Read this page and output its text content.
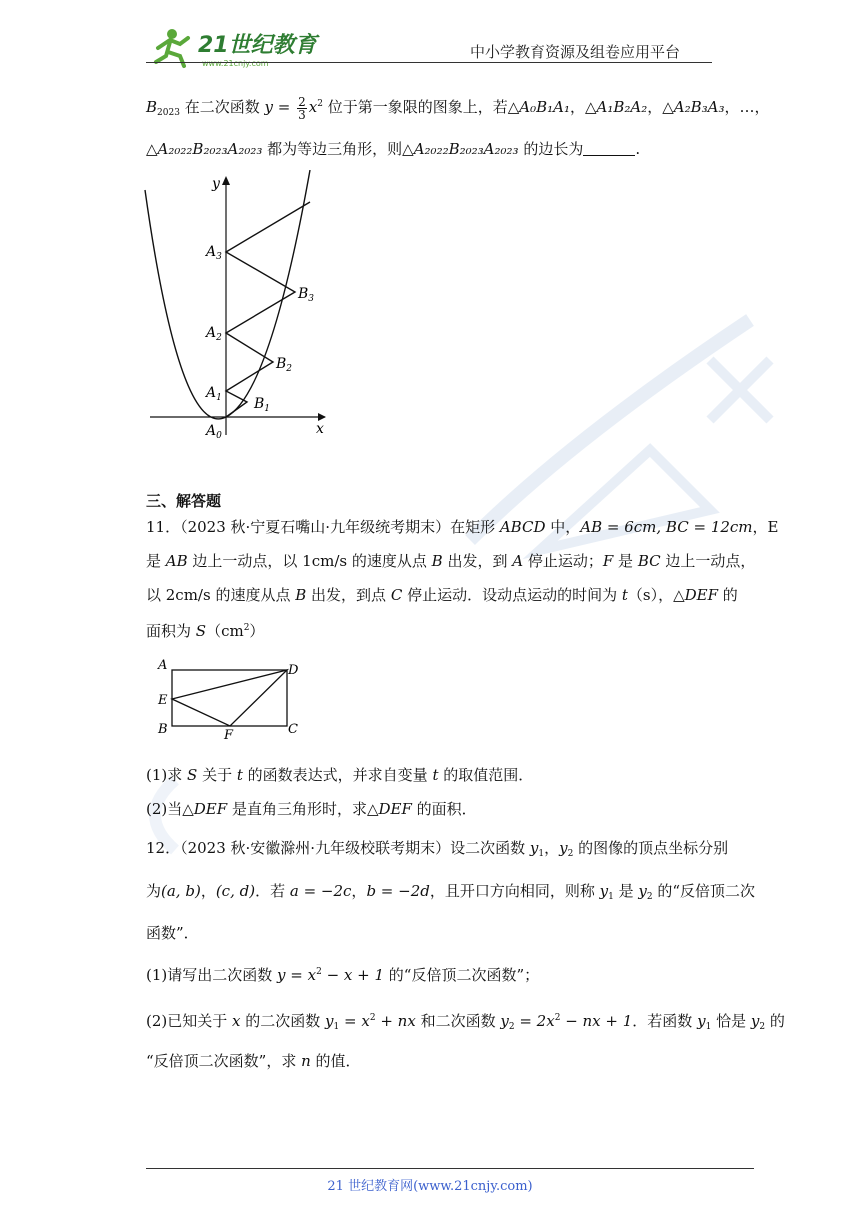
21世纪教育
www.21cnjy.com
中小学教育资源及组卷应用平台
$B_{2023}$ 在二次函数 $y = \frac{2}{3} x^2$ 位于第一象限的图象上，若△A₀B₁A₁，△A₁B₂A₂，△A₂B₃A₃，…，
△A₂₀₂₂B₂₀₂₃A₂₀₂₃ 都为等边三角形，则△A₂₀₂₂B₂₀₂₃A₂₀₂₃ 的边长为	.
y
x
$A_0$
$A_1$
$A_2$
$A_3$
$B_1$
$B_2$
$B_3$
三、解答题
11．（2023 秋·宁夏石嘴山·九年级统考期末）在矩形 ABCD 中，AB = 6cm, BC = 12cm，E
是 AB 边上一动点，以 1cm/s 的速度从点 B 出发，到 A 停止运动；F 是 BC 边上一动点，
以 2cm/s 的速度从点 B 出发，到点 C 停止运动．设动点运动的时间为 t（s），△DEF 的
面积为 $S(cm^2)$
A	D
E
B	F	C
(1)求 S 关于 t 的函数表达式，并求自变量 t 的取值范围．
(2)当△DEF 是直角三角形时，求△DEF 的面积．
12．（2023 秋·安徽滁州·九年级校联考期末）设二次函数 $y_1$，$y_2$ 的图像的顶点坐标分别
为(a, b)，(c, d)．若 a = −2c，b = −2d，且开口方向相同，则称 $y_1$ 是 $y_2$ 的“反倍顶二次
函数”．
(1)请写出二次函数 $y = x^2 - x + 1$ 的“反倍顶二次函数”；
(2)已知关于 x 的二次函数 $y_1 = x^2$ + nx 和二次函数 $y_2 = 2x^2$ − nx + 1．若函数 $y_1$ 恰是 $y_2$ 的
“反倍顶二次函数”，求 n 的值．
21 世纪教育网(www.21cnjy.com)
